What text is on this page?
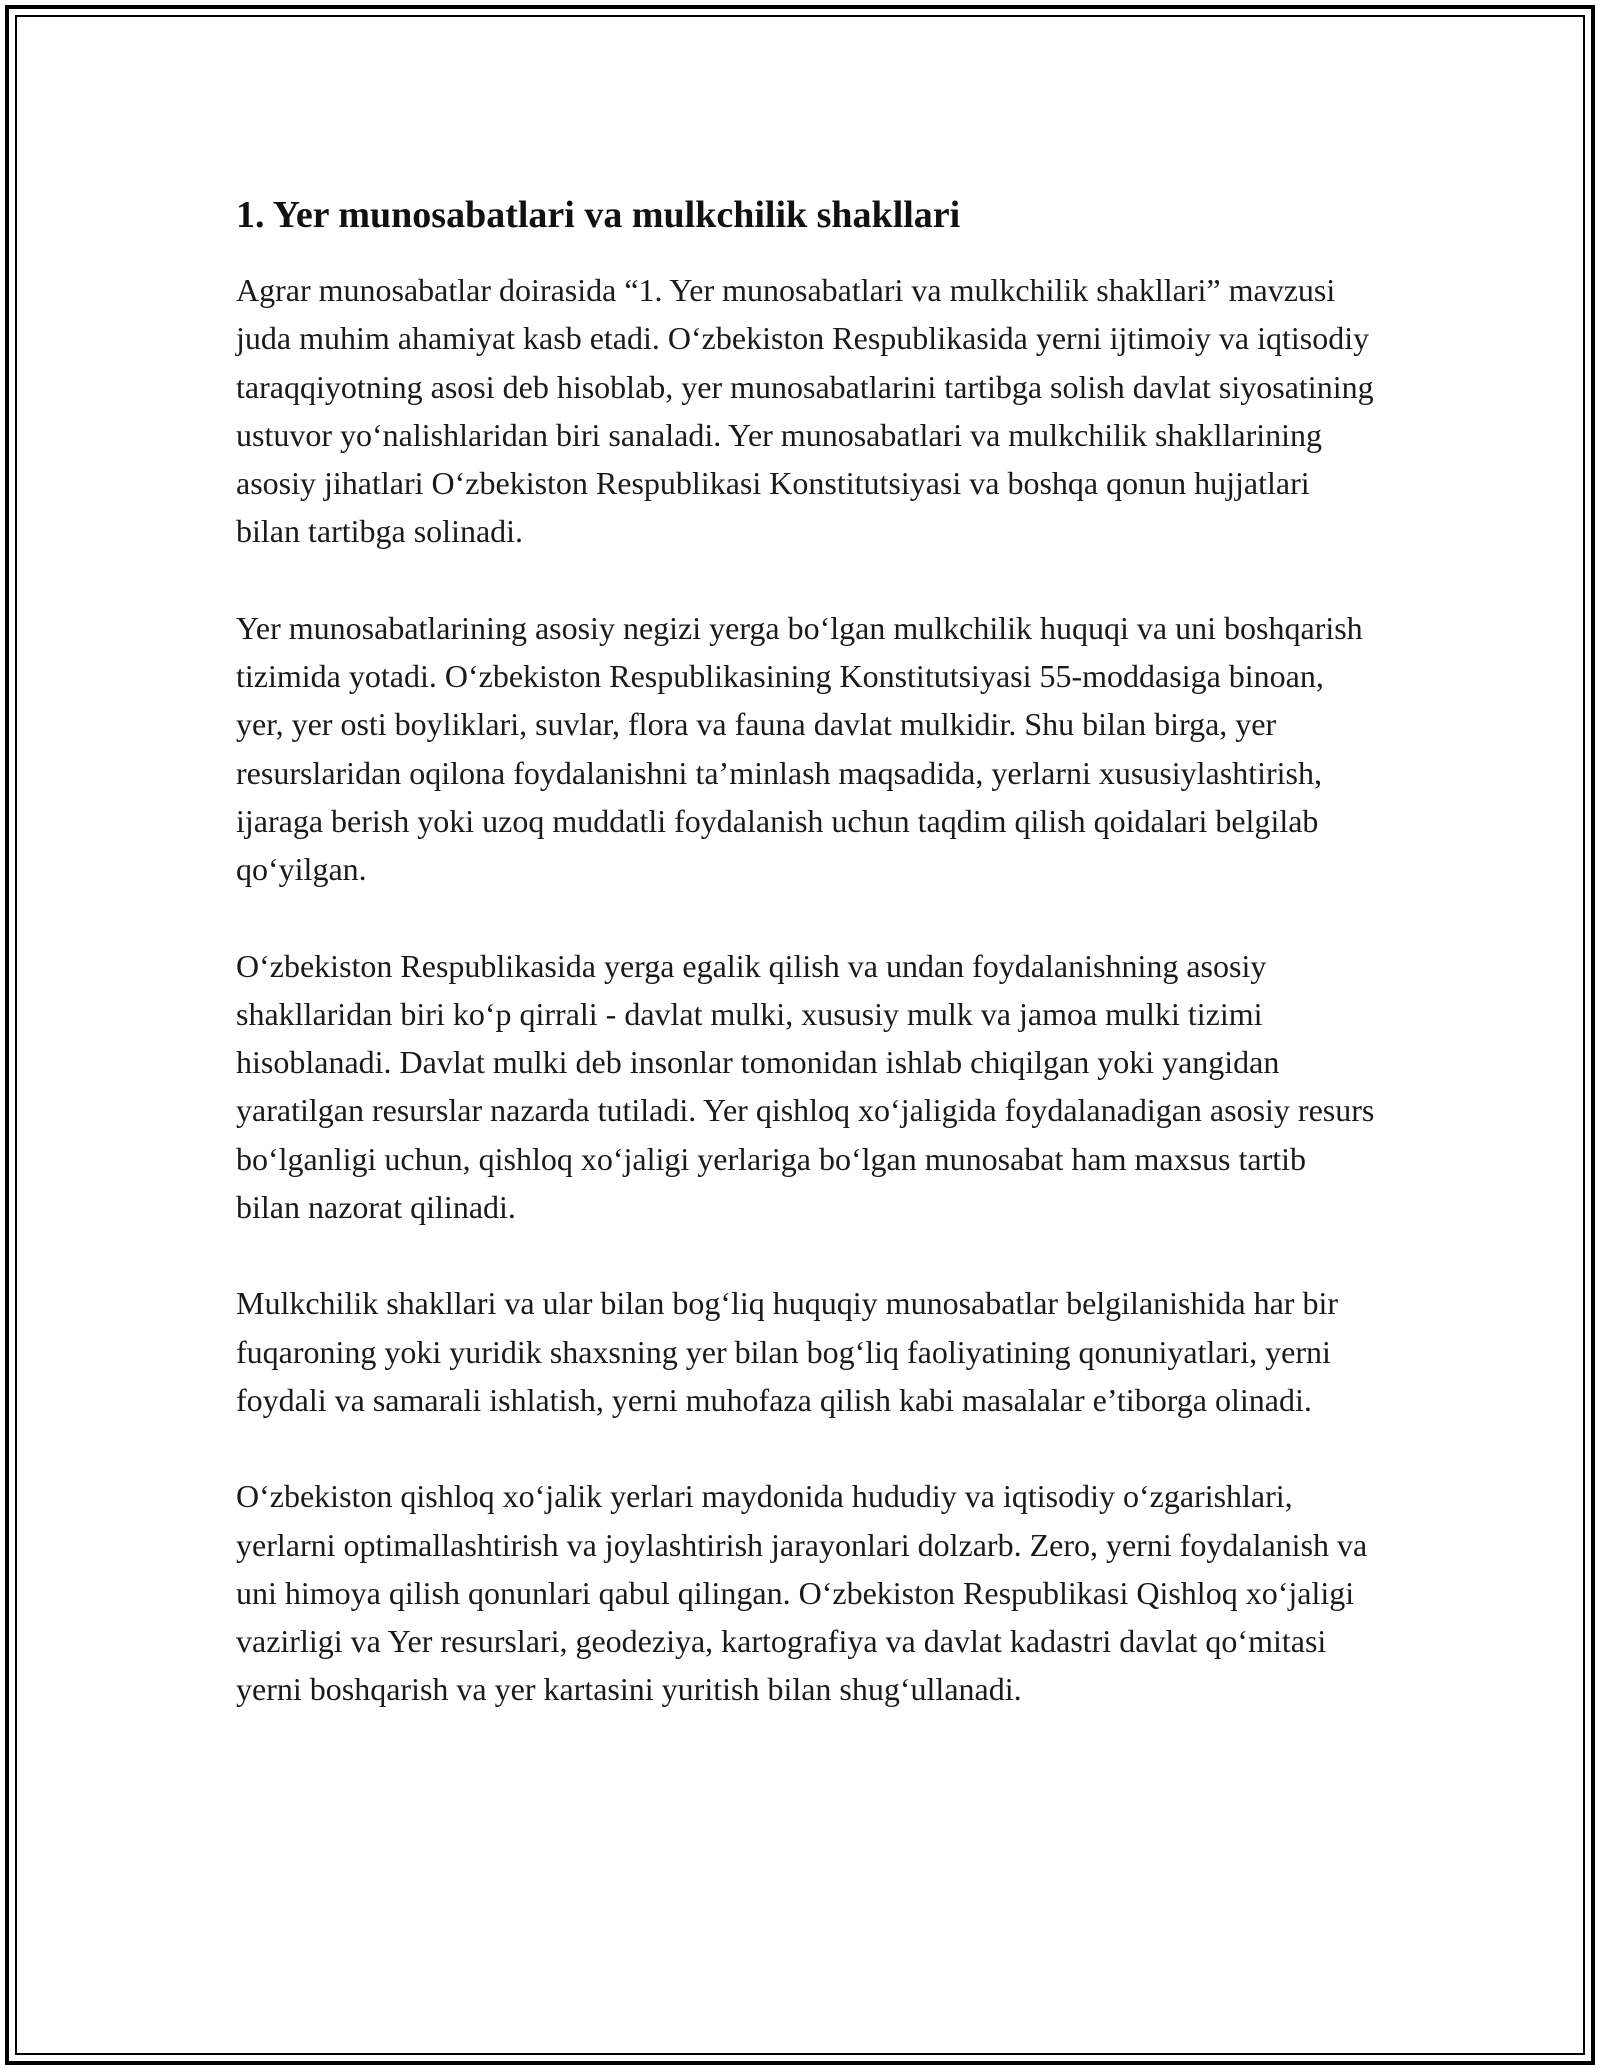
1. Yer munosabatlari va mulkchilik shakllari

Agrar munosabatlar doirasida “1. Yer munosabatlari va mulkchilik shakllari” mavzusi juda muhim ahamiyat kasb etadi. O‘zbekiston Respublikasida yerni ijtimoiy va iqtisodiy taraqqiyotning asosi deb hisoblab, yer munosabatlarini tartibga solish davlat siyosatining ustuvor yo‘nalishlaridan biri sanaladi. Yer munosabatlari va mulkchilik shakllarining asosiy jihatlari O‘zbekiston Respublikasi Konstitutsiyasi va boshqa qonun hujjatlari bilan tartibga solinadi.

Yer munosabatlarining asosiy negizi yerga bo‘lgan mulkchilik huquqi va uni boshqarish tizimida yotadi. O‘zbekiston Respublikasining Konstitutsiyasi 55-moddasiga binoan, yer, yer osti boyliklari, suvlar, flora va fauna davlat mulkidir. Shu bilan birga, yer resurslaridan oqilona foydalanishni ta’minlash maqsadida, yerlarni xususiylashtirish, ijaraga berish yoki uzoq muddatli foydalanish uchun taqdim qilish qoidalari belgilab qo‘yilgan.

O‘zbekiston Respublikasida yerga egalik qilish va undan foydalanishning asosiy shakllaridan biri ko‘p qirrali - davlat mulki, xususiy mulk va jamoa mulki tizimi hisoblanadi. Davlat mulki deb insonlar tomonidan ishlab chiqilgan yoki yangidan yaratilgan resurslar nazarda tutiladi. Yer qishloq xo‘jaligida foydalanadigan asosiy resurs bo‘lganligi uchun, qishloq xo‘jaligi yerlariga bo‘lgan munosabat ham maxsus tartib bilan nazorat qilinadi.

Mulkchilik shakllari va ular bilan bog‘liq huquqiy munosabatlar belgilanishida har bir fuqaroning yoki yuridik shaxsning yer bilan bog‘liq faoliyatining qonuniyatlari, yerni foydali va samarali ishlatish, yerni muhofaza qilish kabi masalalar e’tiborga olinadi.

O‘zbekiston qishloq xo‘jalik yerlari maydonida hududiy va iqtisodiy o‘zgarishlari, yerlarni optimallashtirish va joylashtirish jarayonlari dolzarb. Zero, yerni foydalanish va uni himoya qilish qonunlari qabul qilingan. O‘zbekiston Respublikasi Qishloq xo‘jaligi vazirligi va Yer resurslari, geodeziya, kartografiya va davlat kadastri davlat qo‘mitasi yerni boshqarish va yer kartasini yuritish bilan shug‘ullanadi.
